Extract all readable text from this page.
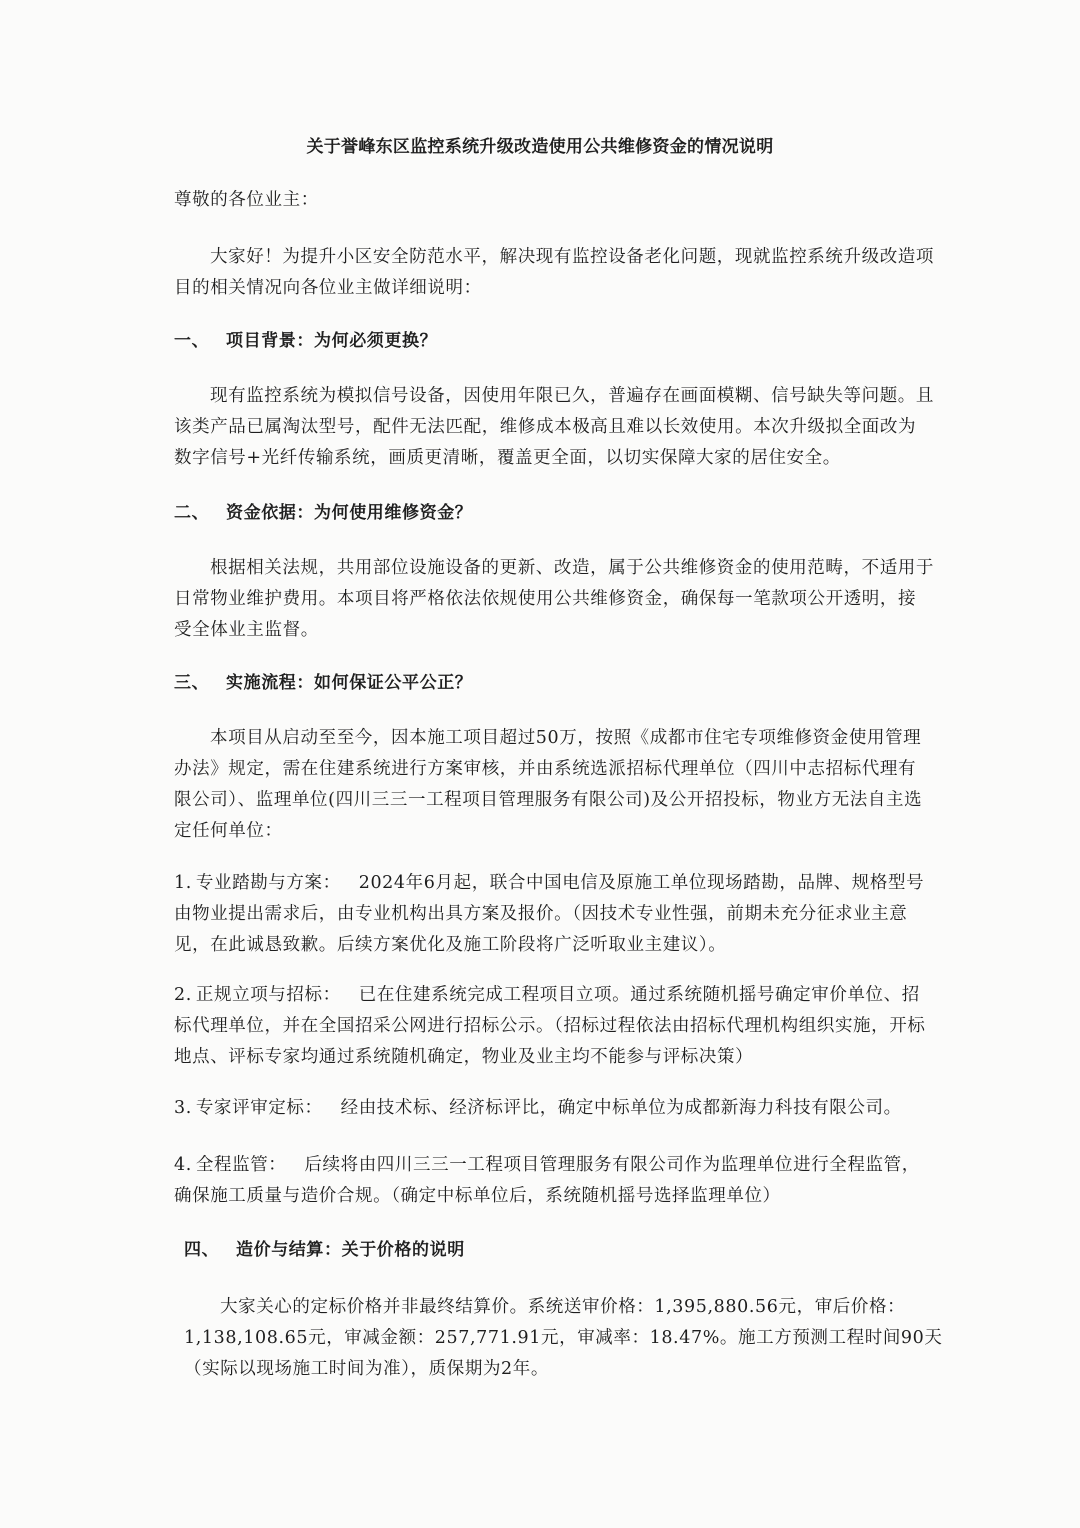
关于誉峰东区监控系统升级改造使用公共维修资金的情况说明
尊敬的各位业主：
大家好！为提升小区安全防范水平，解决现有监控设备老化问题，现就监控系统升级改造项目的相关情况向各位业主做详细说明：
一、 项目背景：为何必须更换？
现有监控系统为模拟信号设备，因使用年限已久，普遍存在画面模糊、信号缺失等问题。且该类产品已属淘汰型号，配件无法匹配，维修成本极高且难以长效使用。本次升级拟全面改为数字信号+光纤传输系统，画质更清晰，覆盖更全面，以切实保障大家的居住安全。
二、 资金依据：为何使用维修资金？
根据相关法规，共用部位设施设备的更新、改造，属于公共维修资金的使用范畴，不适用于日常物业维护费用。本项目将严格依法依规使用公共维修资金，确保每一笔款项公开透明，接受全体业主监督。
三、 实施流程：如何保证公平公正？
本项目从启动至至今，因本施工项目超过50万，按照《成都市住宅专项维修资金使用管理办法》规定，需在住建系统进行方案审核，并由系统选派招标代理单位（四川中志招标代理有限公司）、监理单位(四川三三一工程项目管理服务有限公司)及公开招投标，物业方无法自主选定任何单位：
1. 专业踏勘与方案： 2024年6月起，联合中国电信及原施工单位现场踏勘，品牌、规格型号由物业提出需求后，由专业机构出具方案及报价。（因技术专业性强，前期未充分征求业主意见，在此诚恳致歉。后续方案优化及施工阶段将广泛听取业主建议）。
2. 正规立项与招标： 已在住建系统完成工程项目立项。通过系统随机摇号确定审价单位、招标代理单位，并在全国招采公网进行招标公示。（招标过程依法由招标代理机构组织实施，开标地点、评标专家均通过系统随机确定，物业及业主均不能参与评标决策）
3. 专家评审定标： 经由技术标、经济标评比，确定中标单位为成都新海力科技有限公司。
4. 全程监管： 后续将由四川三三一工程项目管理服务有限公司作为监理单位进行全程监管，确保施工质量与造价合规。（确定中标单位后，系统随机摇号选择监理单位）
四、 造价与结算：关于价格的说明
大家关心的定标价格并非最终结算价。系统送审价格：1,395,880.56元，审后价格：1,138,108.65元，审减金额：257,771.91元，审减率：18.47%。施工方预测工程时间90天（实际以现场施工时间为准），质保期为2年。
